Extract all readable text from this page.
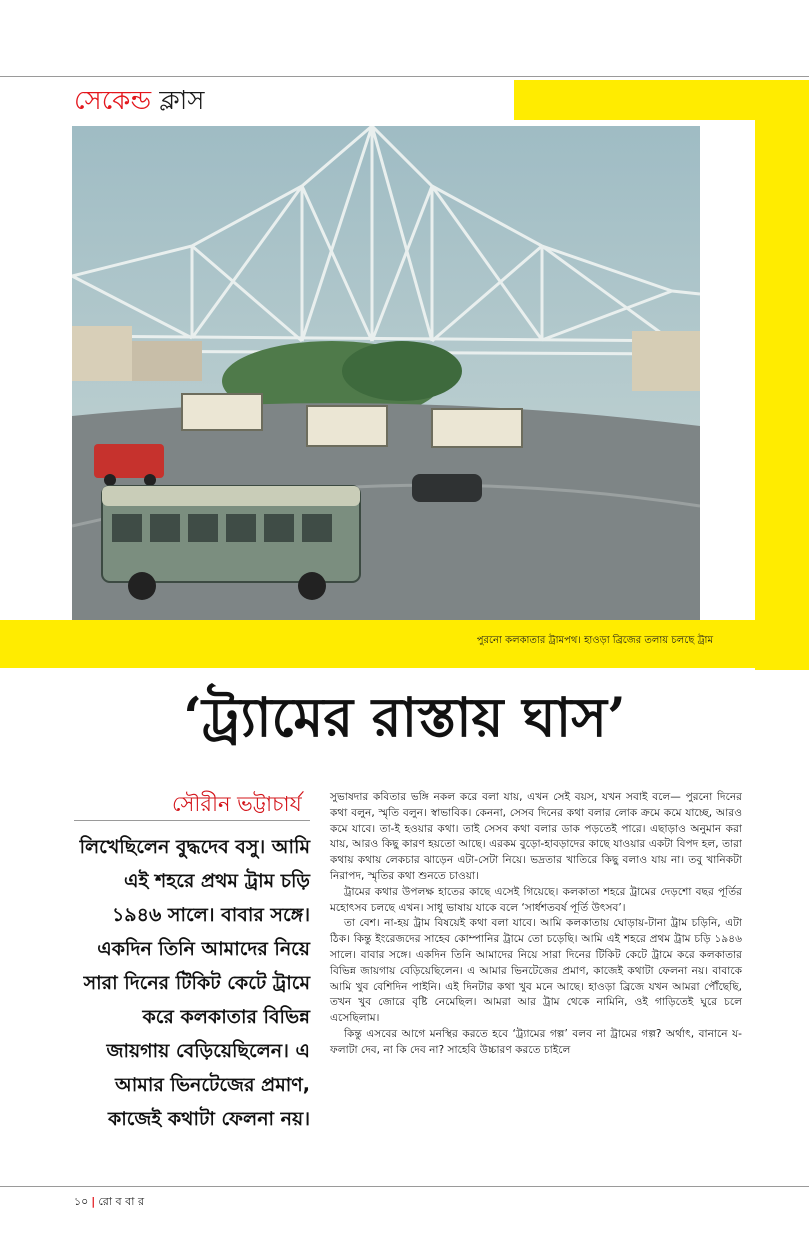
সেকেন্ড ক্লাস
পুরনো কলকাতার ট্রামপথ। হাওড়া ব্রিজের তলায় চলছে ট্রাম
‘ট্র্যামের রাস্তায় ঘাস’
সৌরীন ভট্টাচার্য
লিখেছিলেন বুদ্ধদেব বসু। আমি এই শহরে প্রথম ট্রাম চড়ি ১৯৪৬ সালে। বাবার সঙ্গে। একদিন তিনি আমাদের নিয়ে সারা দিনের টিকিট কেটে ট্রামে করে কলকাতার বিভিন্ন জায়গায় বেড়িয়েছিলেন। এ আমার ভিনটেজের প্রমাণ, কাজেই কথাটা ফেলনা নয়।

সুভাষদার কবিতার ভঙ্গি নকল করে বলা যায়, এখন সেই বয়স, যখন সবাই বলে— পুরনো দিনের কথা বলুন, স্মৃতি বলুন। স্বাভাবিক। কেননা, সেসব দিনের কথা বলার লোক ক্রমে কমে যাচ্ছে, আরও কমে যাবে। তা-ই হওয়ার কথা। তাই সেসব কথা বলার ডাক পড়তেই পারে। এছাড়াও অনুমান করা যায়, আরও কিছু কারণ হয়তো আছে। এরকম বুড়ো-হাবড়াদের কাছে যাওয়ার একটা বিপদ হল, তারা কথায় কথায় লেকচার ঝাড়েন এটা-সেটা নিয়ে। ভদ্রতার খাতিরে কিছু বলাও যায় না। তবু খানিকটা নিরাপদ, স্মৃতির কথা শুনতে চাওয়া।

ট্রামের কথার উপলক্ষ হাতের কাছে এসেই গিয়েছে। কলকাতা শহরে ট্রামের দেড়শো বছর পূর্তির মহোৎসব চলছে এখন। সাধু ভাষায় যাকে বলে ‘সার্ধশতবর্ষ পূর্তি উৎসব’।

তা বেশ। না-হয় ট্রাম বিষয়েই কথা বলা যাবে। আমি কলকাতায় ঘোড়ায়-টানা ট্রাম চড়িনি, এটা ঠিক। কিন্তু ইংরেজদের সাহেব কোম্পানির ট্রামে তো চড়েছি। আমি এই শহরে প্রথম ট্রাম চড়ি ১৯৪৬ সালে। বাবার সঙ্গে। একদিন তিনি আমাদের নিয়ে সারা দিনের টিকিট কেটে ট্রামে করে কলকাতার বিভিন্ন জায়গায় বেড়িয়েছিলেন। এ আমার ভিনটেজের প্রমাণ, কাজেই কথাটা ফেলনা নয়। বাবাকে আমি খুব বেশিদিন পাইনি। এই দিনটার কথা খুব মনে আছে। হাওড়া ব্রিজে যখন আমরা পৌঁছেছি, তখন খুব জোরে বৃষ্টি নেমেছিল। আমরা আর ট্রাম থেকে নামিনি, ওই গাড়িতেই ঘুরে চলে এসেছিলাম।

কিন্তু এসবের আগে মনস্থির করতে হবে ‘ট্র্যামের গল্প’ বলব না ট্রামের গল্প? অর্থাৎ, বানানে য-ফলাটা দেব, না কি দেব না? সাহেবি উচ্চারণ করতে চাইলে

১০ | রো ব বা র
